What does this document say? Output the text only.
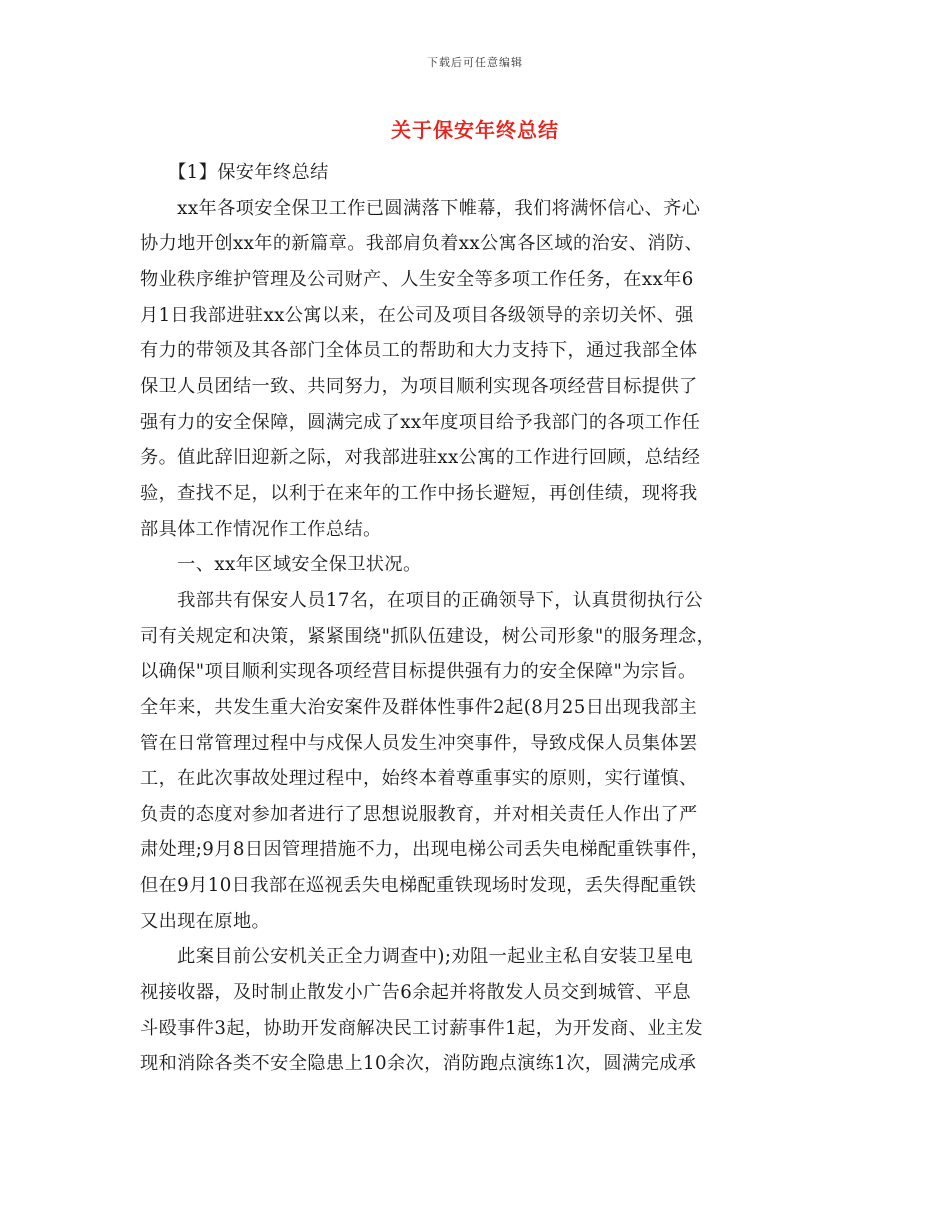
下载后可任意编辑
关于保安年终总结

　　【1】保安年终总结

　　xx年各项安全保卫工作已圆满落下帷幕，我们将满怀信心、齐心
协力地开创xx年的新篇章。我部肩负着xx公寓各区域的治安、消防、
物业秩序维护管理及公司财产、人生安全等多项工作任务，在xx年6
月1日我部进驻xx公寓以来，在公司及项目各级领导的亲切关怀、强
有力的带领及其各部门全体员工的帮助和大力支持下，通过我部全体
保卫人员团结一致、共同努力，为项目顺利实现各项经营目标提供了
强有力的安全保障，圆满完成了xx年度项目给予我部门的各项工作任
务。值此辞旧迎新之际，对我部进驻xx公寓的工作进行回顾，总结经
验，查找不足，以利于在来年的工作中扬长避短，再创佳绩，现将我
部具体工作情况作工作总结。

　　一、xx年区域安全保卫状况。

　　我部共有保安人员17名，在项目的正确领导下，认真贯彻执行公
司有关规定和决策，紧紧围绕"抓队伍建设，树公司形象"的服务理念，
以确保"项目顺利实现各项经营目标提供强有力的安全保障"为宗旨。
全年来，共发生重大治安案件及群体性事件2起(8月25日出现我部主
管在日常管理过程中与戍保人员发生冲突事件，导致戍保人员集体罢
工，在此次事故处理过程中，始终本着尊重事实的原则，实行谨慎、
负责的态度对参加者进行了思想说服教育，并对相关责任人作出了严
肃处理;9月8日因管理措施不力，出现电梯公司丢失电梯配重铁事件，
但在9月10日我部在巡视丢失电梯配重铁现场时发现，丢失得配重铁
又出现在原地。

　　此案目前公安机关正全力调查中);劝阻一起业主私自安装卫星电
视接收器，及时制止散发小广告6余起并将散发人员交到城管、平息
斗殴事件3起，协助开发商解决民工讨薪事件1起，为开发商、业主发
现和消除各类不安全隐患上10余次，消防跑点演练1次，圆满完成承
